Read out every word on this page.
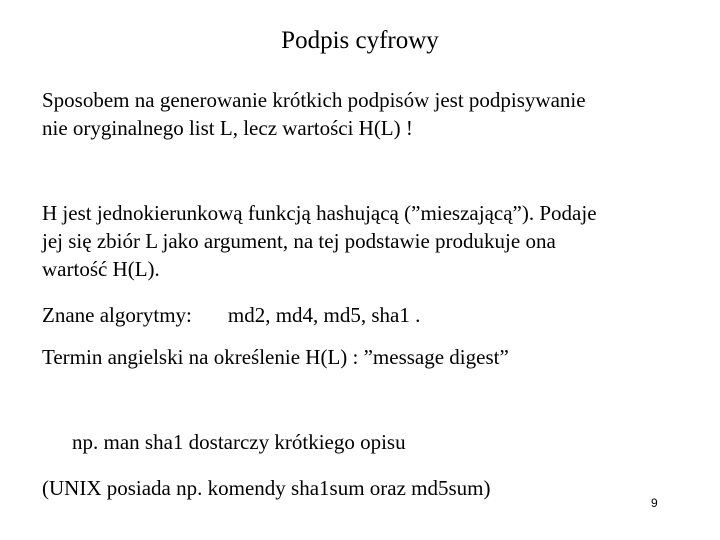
Podpis cyfrowy

Sposobem na generowanie krótkich podpisów jest podpisywanie
nie oryginalnego list L, lecz wartości H(L) !

H jest jednokierunkową funkcją hashującą (”mieszającą”). Podaje
jej się zbiór L jako argument, na tej podstawie produkuje ona
wartość H(L).

Znane algorytmy: md2, md4, md5, sha1 .

Termin angielski na określenie H(L) : ”message digest”

np. man sha1 dostarczy krótkiego opisu

(UNIX posiada np. komendy sha1sum oraz md5sum)

9
